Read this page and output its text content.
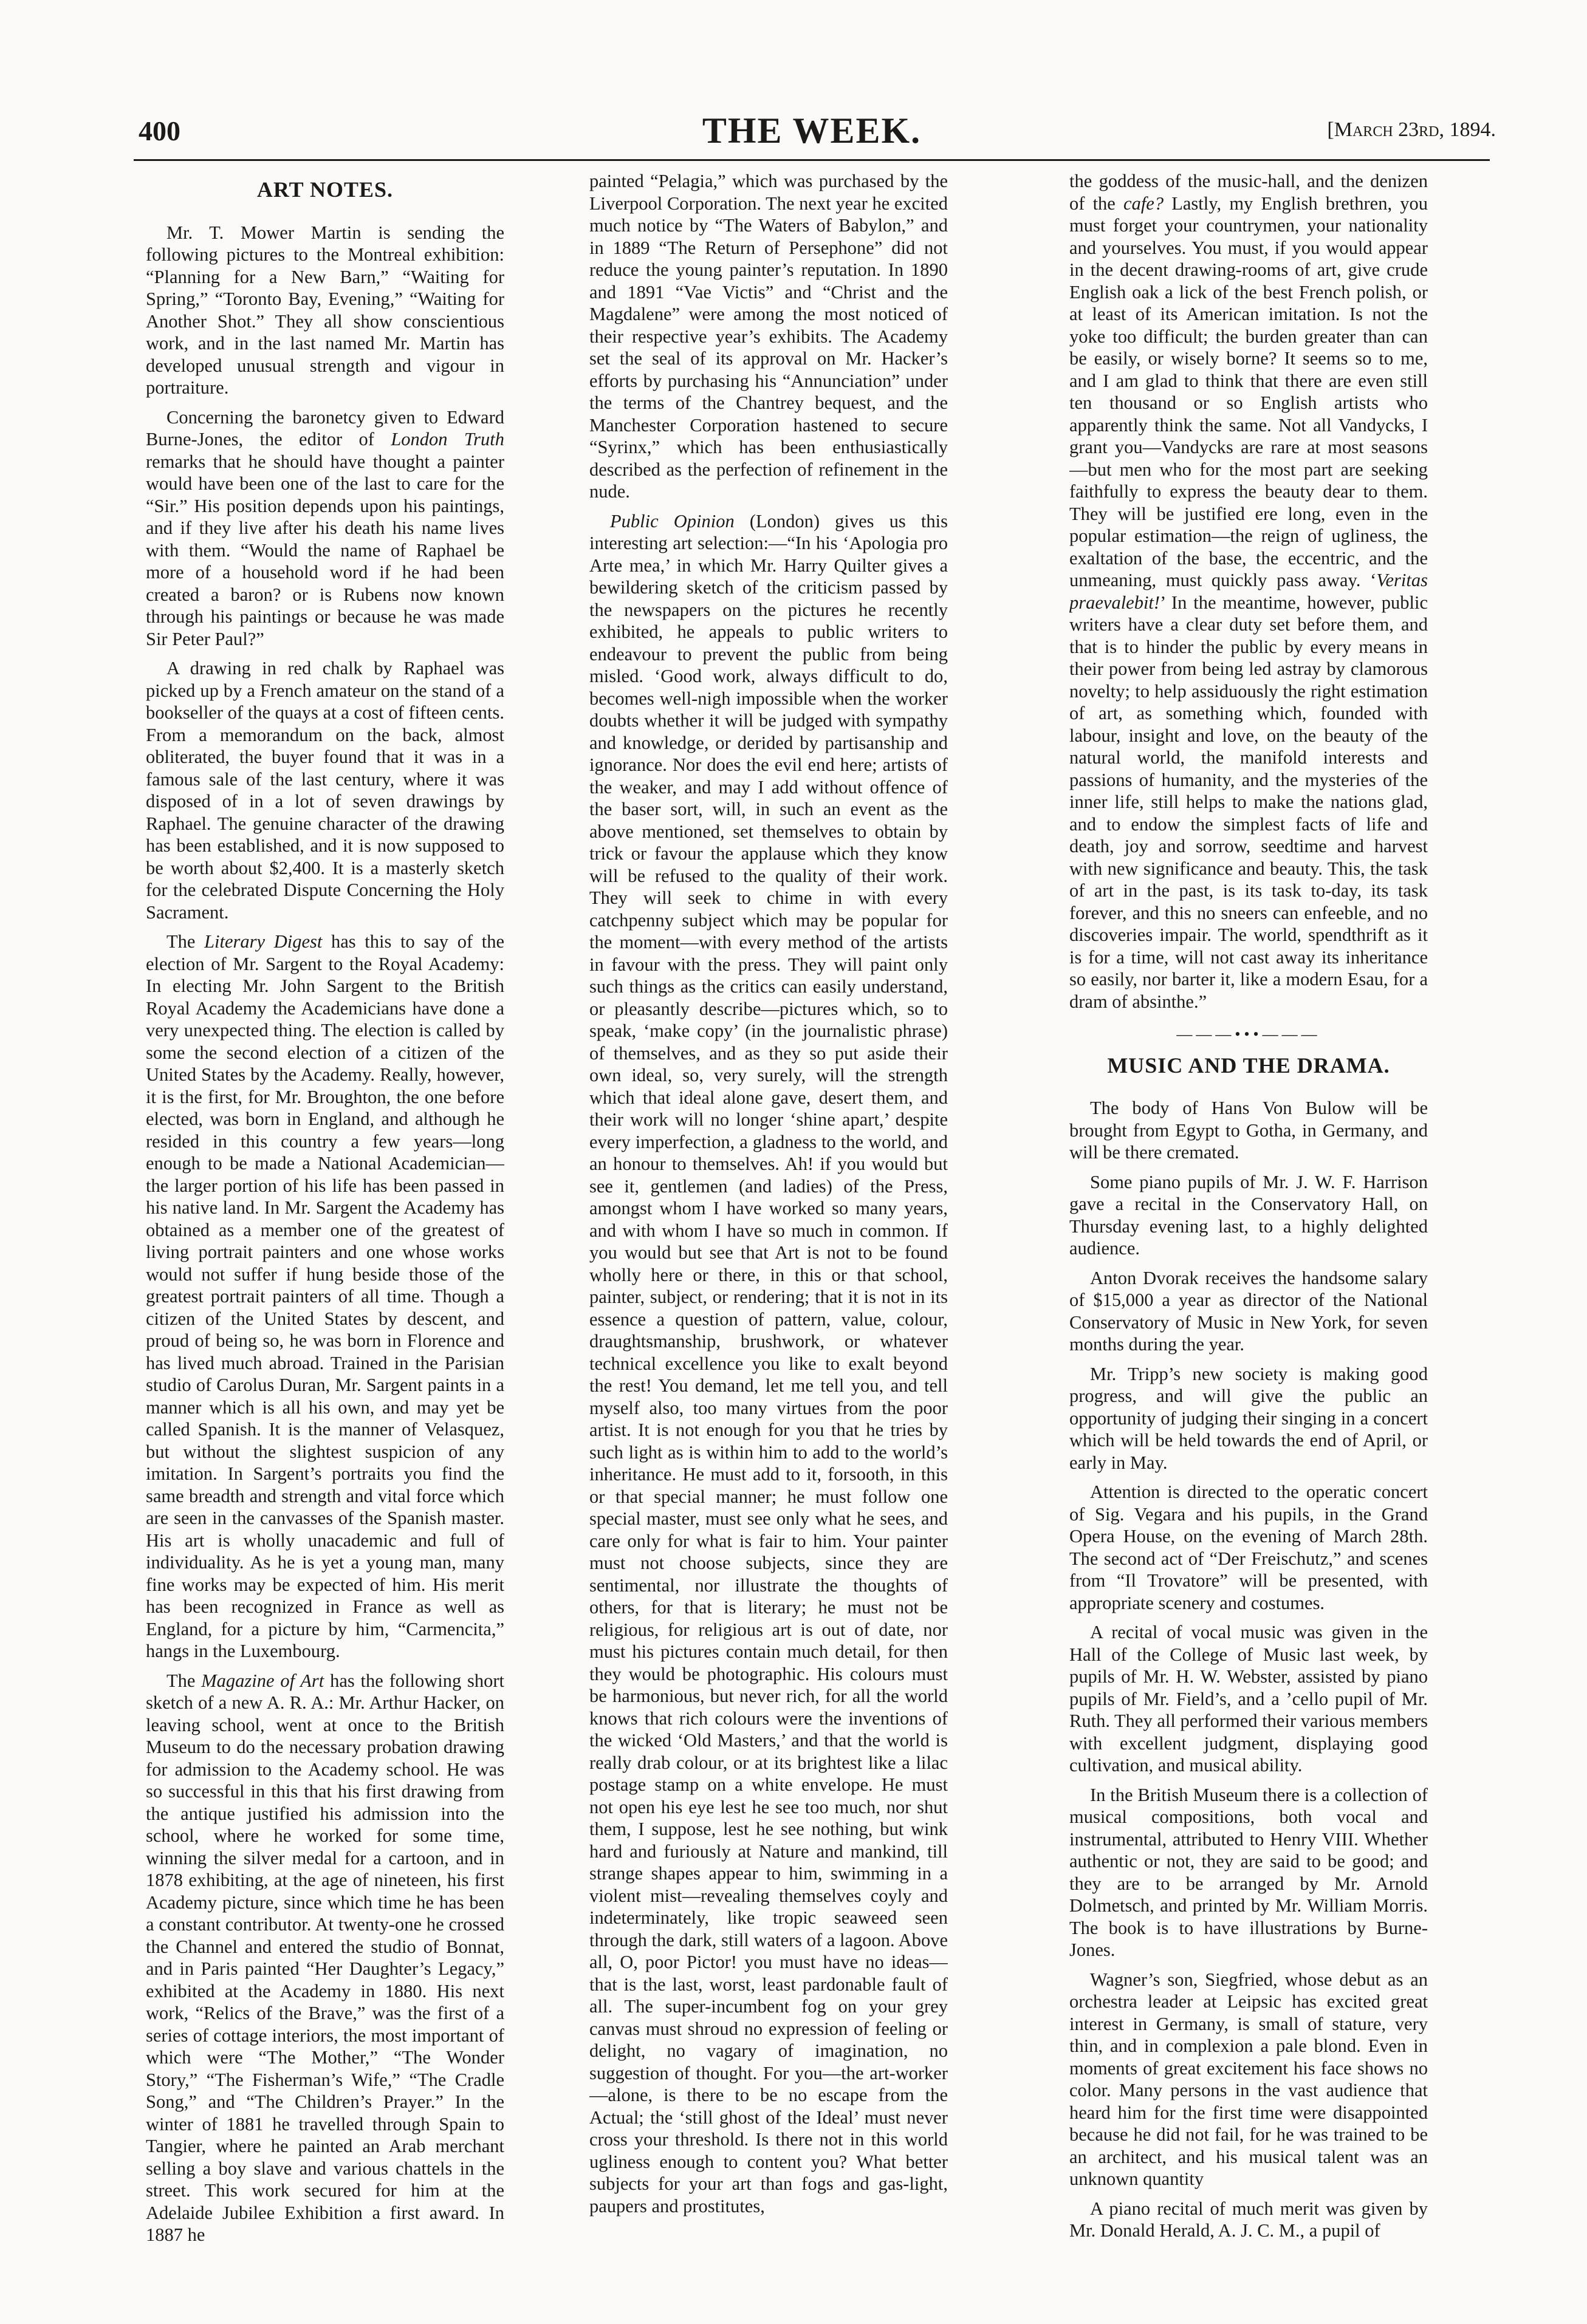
400	THE WEEK.	[March 23rd, 1894.
ART NOTES.

Mr. T. Mower Martin is sending the following pictures to the Montreal exhibition: “Planning for a New Barn,” “Waiting for Spring,” “Toronto Bay, Evening,” “Waiting for Another Shot.” They all show conscientious work, and in the last named Mr. Martin has developed unusual strength and vigour in portraiture.

Concerning the baronetcy given to Edward Burne-Jones, the editor of London Truth remarks that he should have thought a painter would have been one of the last to care for the “Sir.” His position depends upon his paintings, and if they live after his death his name lives with them. “Would the name of Raphael be more of a household word if he had been created a baron? or is Rubens now known through his paintings or because he was made Sir Peter Paul?”

A drawing in red chalk by Raphael was picked up by a French amateur on the stand of a bookseller of the quays at a cost of fifteen cents. From a memorandum on the back, almost obliterated, the buyer found that it was in a famous sale of the last century, where it was disposed of in a lot of seven drawings by Raphael. The genuine character of the drawing has been established, and it is now supposed to be worth about $2,400. It is a masterly sketch for the celebrated Dispute Concerning the Holy Sacrament.

The Literary Digest has this to say of the election of Mr. Sargent to the Royal Academy: In electing Mr. John Sargent to the British Royal Academy the Academicians have done a very unexpected thing. The election is called by some the second election of a citizen of the United States by the Academy. Really, however, it is the first, for Mr. Broughton, the one before elected, was born in England, and although he resided in this country a few years—long enough to be made a National Academician—the larger portion of his life has been passed in his native land. In Mr. Sargent the Academy has obtained as a member one of the greatest of living portrait painters and one whose works would not suffer if hung beside those of the greatest portrait painters of all time. Though a citizen of the United States by descent, and proud of being so, he was born in Florence and has lived much abroad. Trained in the Parisian studio of Carolus Duran, Mr. Sargent paints in a manner which is all his own, and may yet be called Spanish. It is the manner of Velasquez, but without the slightest suspicion of any imitation. In Sargent’s portraits you find the same breadth and strength and vital force which are seen in the canvasses of the Spanish master. His art is wholly unacademic and full of individuality. As he is yet a young man, many fine works may be expected of him. His merit has been recognized in France as well as England, for a picture by him, “Carmencita,” hangs in the Luxembourg.

The Magazine of Art has the following short sketch of a new A. R. A.: Mr. Arthur Hacker, on leaving school, went at once to the British Museum to do the necessary probation drawing for admission to the Academy school. He was so successful in this that his first drawing from the antique justified his admission into the school, where he worked for some time, winning the silver medal for a cartoon, and in 1878 exhibiting, at the age of nineteen, his first Academy picture, since which time he has been a constant contributor. At twenty-one he crossed the Channel and entered the studio of Bonnat, and in Paris painted “Her Daughter’s Legacy,” exhibited at the Academy in 1880. His next work, “Relics of the Brave,” was the first of a series of cottage interiors, the most important of which were “The Mother,” “The Wonder Story,” “The Fisherman’s Wife,” “The Cradle Song,” and “The Children’s Prayer.” In the winter of 1881 he travelled through Spain to Tangier, where he painted an Arab merchant selling a boy slave and various chattels in the street. This work secured for him at the Adelaide Jubilee Exhibition a first award. In 1887 he

painted “Pelagia,” which was purchased by the Liverpool Corporation. The next year he excited much notice by “The Waters of Babylon,” and in 1889 “The Return of Persephone” did not reduce the young painter’s reputation. In 1890 and 1891 “Vae Victis” and “Christ and the Magdalene” were among the most noticed of their respective year’s exhibits. The Academy set the seal of its approval on Mr. Hacker’s efforts by purchasing his “Annunciation” under the terms of the Chantrey bequest, and the Manchester Corporation hastened to secure “Syrinx,” which has been enthusiastically described as the perfection of refinement in the nude.

Public Opinion (London) gives us this interesting art selection:—“In his ‘Apologia pro Arte mea,’ in which Mr. Harry Quilter gives a bewildering sketch of the criticism passed by the newspapers on the pictures he recently exhibited, he appeals to public writers to endeavour to prevent the public from being misled. ‘Good work, always difficult to do, becomes well-nigh impossible when the worker doubts whether it will be judged with sympathy and knowledge, or derided by partisanship and ignorance. Nor does the evil end here; artists of the weaker, and may I add without offence of the baser sort, will, in such an event as the above mentioned, set themselves to obtain by trick or favour the applause which they know will be refused to the quality of their work. They will seek to chime in with every catchpenny subject which may be popular for the moment—with every method of the artists in favour with the press. They will paint only such things as the critics can easily understand, or pleasantly describe—pictures which, so to speak, ‘make copy’ (in the journalistic phrase) of themselves, and as they so put aside their own ideal, so, very surely, will the strength which that ideal alone gave, desert them, and their work will no longer ‘shine apart,’ despite every imperfection, a gladness to the world, and an honour to themselves. Ah! if you would but see it, gentlemen (and ladies) of the Press, amongst whom I have worked so many years, and with whom I have so much in common. If you would but see that Art is not to be found wholly here or there, in this or that school, painter, subject, or rendering; that it is not in its essence a question of pattern, value, colour, draughtsmanship, brushwork, or whatever technical excellence you like to exalt beyond the rest! You demand, let me tell you, and tell myself also, too many virtues from the poor artist. It is not enough for you that he tries by such light as is within him to add to the world’s inheritance. He must add to it, forsooth, in this or that special manner; he must follow one special master, must see only what he sees, and care only for what is fair to him. Your painter must not choose subjects, since they are sentimental, nor illustrate the thoughts of others, for that is literary; he must not be religious, for religious art is out of date, nor must his pictures contain much detail, for then they would be photographic. His colours must be harmonious, but never rich, for all the world knows that rich colours were the inventions of the wicked ‘Old Masters,’ and that the world is really drab colour, or at its brightest like a lilac postage stamp on a white envelope. He must not open his eye lest he see too much, nor shut them, I suppose, lest he see nothing, but wink hard and furiously at Nature and mankind, till strange shapes appear to him, swimming in a violent mist—revealing themselves coyly and indeterminately, like tropic seaweed seen through the dark, still waters of a lagoon. Above all, O, poor Pictor! you must have no ideas—that is the last, worst, least pardonable fault of all. The super-incumbent fog on your grey canvas must shroud no expression of feeling or delight, no vagary of imagination, no suggestion of thought. For you—the art-worker—alone, is there to be no escape from the Actual; the ‘still ghost of the Ideal’ must never cross your threshold. Is there not in this world ugliness enough to content you? What better subjects for your art than fogs and gas-light, paupers and prostitutes,

the goddess of the music-hall, and the denizen of the cafe? Lastly, my English brethren, you must forget your countrymen, your nationality and yourselves. You must, if you would appear in the decent drawing-rooms of art, give crude English oak a lick of the best French polish, or at least of its American imitation. Is not the yoke too difficult; the burden greater than can be easily, or wisely borne? It seems so to me, and I am glad to think that there are even still ten thousand or so English artists who apparently think the same. Not all Vandycks, I grant you—Vandycks are rare at most seasons—but men who for the most part are seeking faithfully to express the beauty dear to them. They will be justified ere long, even in the popular estimation—the reign of ugliness, the exaltation of the base, the eccentric, and the unmeaning, must quickly pass away. ‘Veritas praevalebit!’ In the meantime, however, public writers have a clear duty set before them, and that is to hinder the public by every means in their power from being led astray by clamorous novelty; to help assiduously the right estimation of art, as something which, founded with labour, insight and love, on the beauty of the natural world, the manifold interests and passions of humanity, and the mysteries of the inner life, still helps to make the nations glad, and to endow the simplest facts of life and death, joy and sorrow, seedtime and harvest with new significance and beauty. This, the task of art in the past, is its task to-day, its task forever, and this no sneers can enfeeble, and no discoveries impair. The world, spendthrift as it is for a time, will not cast away its inheritance so easily, nor barter it, like a modern Esau, for a dram of absinthe.”

———•••———
MUSIC AND THE DRAMA.

The body of Hans Von Bulow will be brought from Egypt to Gotha, in Germany, and will be there cremated.

Some piano pupils of Mr. J. W. F. Harrison gave a recital in the Conservatory Hall, on Thursday evening last, to a highly delighted audience.

Anton Dvorak receives the handsome salary of $15,000 a year as director of the National Conservatory of Music in New York, for seven months during the year.

Mr. Tripp’s new society is making good progress, and will give the public an opportunity of judging their singing in a concert which will be held towards the end of April, or early in May.

Attention is directed to the operatic concert of Sig. Vegara and his pupils, in the Grand Opera House, on the evening of March 28th. The second act of “Der Freischutz,” and scenes from “Il Trovatore” will be presented, with appropriate scenery and costumes.

A recital of vocal music was given in the Hall of the College of Music last week, by pupils of Mr. H. W. Webster, assisted by piano pupils of Mr. Field’s, and a ’cello pupil of Mr. Ruth. They all performed their various members with excellent judgment, displaying good cultivation, and musical ability.

In the British Museum there is a collection of musical compositions, both vocal and instrumental, attributed to Henry VIII. Whether authentic or not, they are said to be good; and they are to be arranged by Mr. Arnold Dolmetsch, and printed by Mr. William Morris. The book is to have illustrations by Burne-Jones.

Wagner’s son, Siegfried, whose debut as an orchestra leader at Leipsic has excited great interest in Germany, is small of stature, very thin, and in complexion a pale blond. Even in moments of great excitement his face shows no color. Many persons in the vast audience that heard him for the first time were disappointed because he did not fail, for he was trained to be an architect, and his musical talent was an unknown quantity

A piano recital of much merit was given by Mr. Donald Herald, A. J. C. M., a pupil of
